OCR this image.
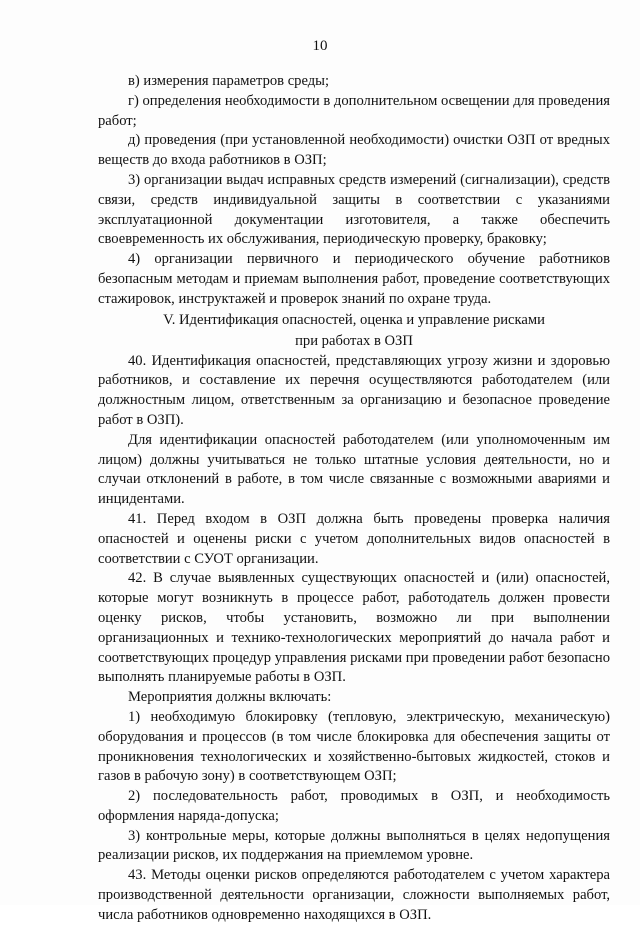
10

в) измерения параметров среды;

г) определения необходимости в дополнительном освещении для проведения работ;

д) проведения (при установленной необходимости) очистки ОЗП от вредных веществ до входа работников в ОЗП;

3) организации выдач исправных средств измерений (сигнализации), средств связи, средств индивидуальной защиты в соответствии с указаниями эксплуатационной документации изготовителя, а также обеспечить своевременность их обслуживания, периодическую проверку, браковку;

4) организации первичного и периодического обучение работников безопасным методам и приемам выполнения работ, проведение соответствующих стажировок, инструктажей и проверок знаний по охране труда.

V. Идентификация опасностей, оценка и управление рисками
при работах в ОЗП

40. Идентификация опасностей, представляющих угрозу жизни и здоровью работников, и составление их перечня осуществляются работодателем (или должностным лицом, ответственным за организацию и безопасное проведение работ в ОЗП).

Для идентификации опасностей работодателем (или уполномоченным им лицом) должны учитываться не только штатные условия деятельности, но и случаи отклонений в работе, в том числе связанные с возможными авариями и инцидентами.

41. Перед входом в ОЗП должна быть проведены проверка наличия опасностей и оценены риски с учетом дополнительных видов опасностей в соответствии с СУОТ организации.

42. В случае выявленных существующих опасностей и (или) опасностей, которые могут возникнуть в процессе работ, работодатель должен провести оценку рисков, чтобы установить, возможно ли при выполнении организационных и технико-технологических мероприятий до начала работ и соответствующих процедур управления рисками при проведении работ безопасно выполнять планируемые работы в ОЗП.

Мероприятия должны включать:

1) необходимую блокировку (тепловую, электрическую, механическую) оборудования и процессов (в том числе блокировка для обеспечения защиты от проникновения технологических и хозяйственно-бытовых жидкостей, стоков и газов в рабочую зону) в соответствующем ОЗП;

2) последовательность работ, проводимых в ОЗП, и необходимость оформления наряда-допуска;

3) контрольные меры, которые должны выполняться в целях недопущения реализации рисков, их поддержания на приемлемом уровне.

43. Методы оценки рисков определяются работодателем с учетом характера производственной деятельности организации, сложности выполняемых работ, числа работников одновременно находящихся в ОЗП.
